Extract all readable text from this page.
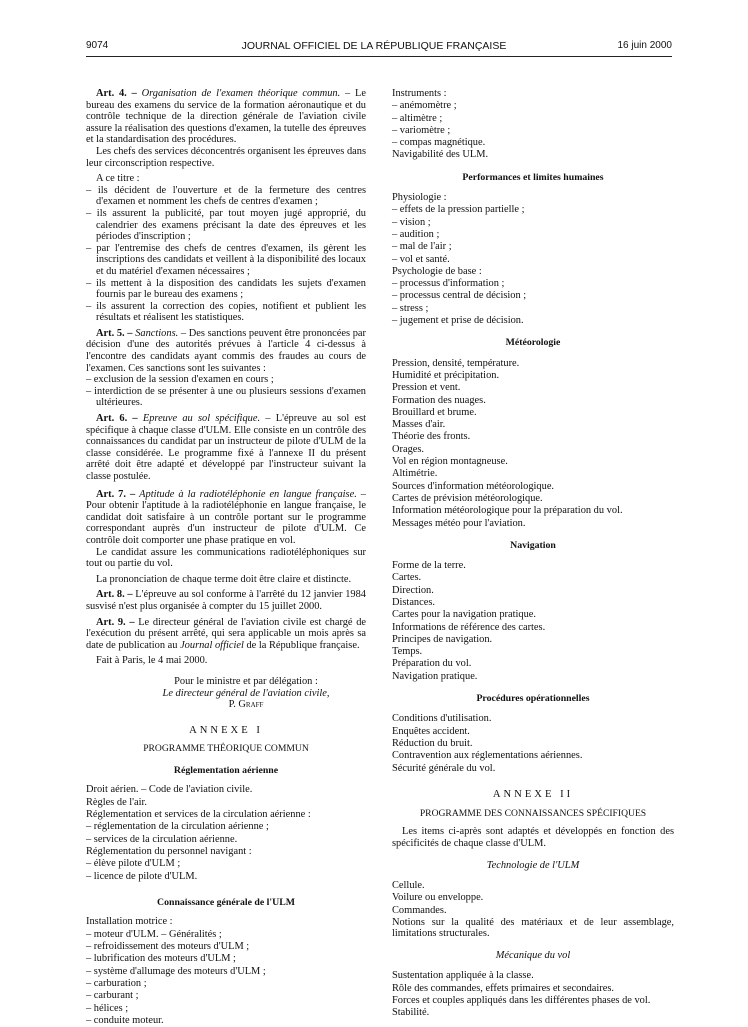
9074	JOURNAL OFFICIEL DE LA RÉPUBLIQUE FRANÇAISE	16 juin 2000

Art. 4. – Organisation de l'examen théorique commun. – Le bureau des examens du service de la formation aéronautique et du contrôle technique de la direction générale de l'aviation civile assure la réalisation des questions d'examen, la tutelle des épreuves et la standardisation des procédures.

Les chefs des services déconcentrés organisent les épreuves dans leur circonscription respective.

A ce titre :

– ils décident de l'ouverture et de la fermeture des centres d'examen et nomment les chefs de centres d'examen ;

– ils assurent la publicité, par tout moyen jugé approprié, du calendrier des examens précisant la date des épreuves et les périodes d'inscription ;

– par l'entremise des chefs de centres d'examen, ils gèrent les inscriptions des candidats et veillent à la disponibilité des locaux et du matériel d'examen nécessaires ;

– ils mettent à la disposition des candidats les sujets d'examen fournis par le bureau des examens ;

– ils assurent la correction des copies, notifient et publient les résultats et réalisent les statistiques.

Art. 5. – Sanctions. – Des sanctions peuvent être prononcées par décision d'une des autorités prévues à l'article 4 ci-dessus à l'encontre des candidats ayant commis des fraudes au cours de l'examen. Ces sanctions sont les suivantes :

– exclusion de la session d'examen en cours ;

– interdiction de se présenter à une ou plusieurs sessions d'examen ultérieures.

Art. 6. – Epreuve au sol spécifique. – L'épreuve au sol est spécifique à chaque classe d'ULM. Elle consiste en un contrôle des connaissances du candidat par un instructeur de pilote d'ULM de la classe considérée. Le programme fixé à l'annexe II du présent arrêté doit être adapté et développé par l'instructeur suivant la classe postulée.

Art. 7. – Aptitude à la radiotéléphonie en langue française. – Pour obtenir l'aptitude à la radiotéléphonie en langue française, le candidat doit satisfaire à un contrôle portant sur le programme correspondant auprès d'un instructeur de pilote d'ULM. Ce contrôle doit comporter une phase pratique en vol.

Le candidat assure les communications radiotéléphoniques sur tout ou partie du vol.

La prononciation de chaque terme doit être claire et distincte.

Art. 8. – L'épreuve au sol conforme à l'arrêté du 12 janvier 1984 susvisé n'est plus organisée à compter du 15 juillet 2000.

Art. 9. – Le directeur général de l'aviation civile est chargé de l'exécution du présent arrêté, qui sera applicable un mois après sa date de publication au Journal officiel de la République française.

Fait à Paris, le 4 mai 2000.

Pour le ministre et par délégation :

Le directeur général de l'aviation civile,

P. Graff

ANNEXE I
PROGRAMME THÉORIQUE COMMUN
Réglementation aérienne

Droit aérien. – Code de l'aviation civile.

Règles de l'air.

Réglementation et services de la circulation aérienne :

– réglementation de la circulation aérienne ;

– services de la circulation aérienne.

Réglementation du personnel navigant :

– élève pilote d'ULM ;

– licence de pilote d'ULM.

Connaissance générale de l'ULM

Installation motrice :

– moteur d'ULM. – Généralités ;

– refroidissement des moteurs d'ULM ;

– lubrification des moteurs d'ULM ;

– système d'allumage des moteurs d'ULM ;

– carburation ;

– carburant ;

– hélices ;

– conduite moteur.

Instruments :

– anémomètre ;

– altimètre ;

– variomètre ;

– compas magnétique.

Navigabilité des ULM.

Performances et limites humaines

Physiologie :

– effets de la pression partielle ;

– vision ;

– audition ;

– mal de l'air ;

– vol et santé.

Psychologie de base :

– processus d'information ;

– processus central de décision ;

– stress ;

– jugement et prise de décision.

Météorologie

Pression, densité, température.

Humidité et précipitation.

Pression et vent.

Formation des nuages.

Brouillard et brume.

Masses d'air.

Théorie des fronts.

Orages.

Vol en région montagneuse.

Altimétrie.

Sources d'information météorologique.

Cartes de prévision météorologique.

Information météorologique pour la préparation du vol.

Messages météo pour l'aviation.

Navigation

Forme de la terre.

Cartes.

Direction.

Distances.

Cartes pour la navigation pratique.

Informations de référence des cartes.

Principes de navigation.

Temps.

Préparation du vol.

Navigation pratique.

Procédures opérationnelles

Conditions d'utilisation.

Enquêtes accident.

Réduction du bruit.

Contravention aux réglementations aériennes.

Sécurité générale du vol.

ANNEXE II
PROGRAMME DES CONNAISSANCES SPÉCIFIQUES

Les items ci-après sont adaptés et développés en fonction des spécificités de chaque classe d'ULM.

Technologie de l'ULM

Cellule.

Voilure ou enveloppe.

Commandes.

Notions sur la qualité des matériaux et de leur assemblage, limitations structurales.

Mécanique du vol

Sustentation appliquée à la classe.

Rôle des commandes, effets primaires et secondaires.

Forces et couples appliqués dans les différentes phases de vol.

Stabilité.
